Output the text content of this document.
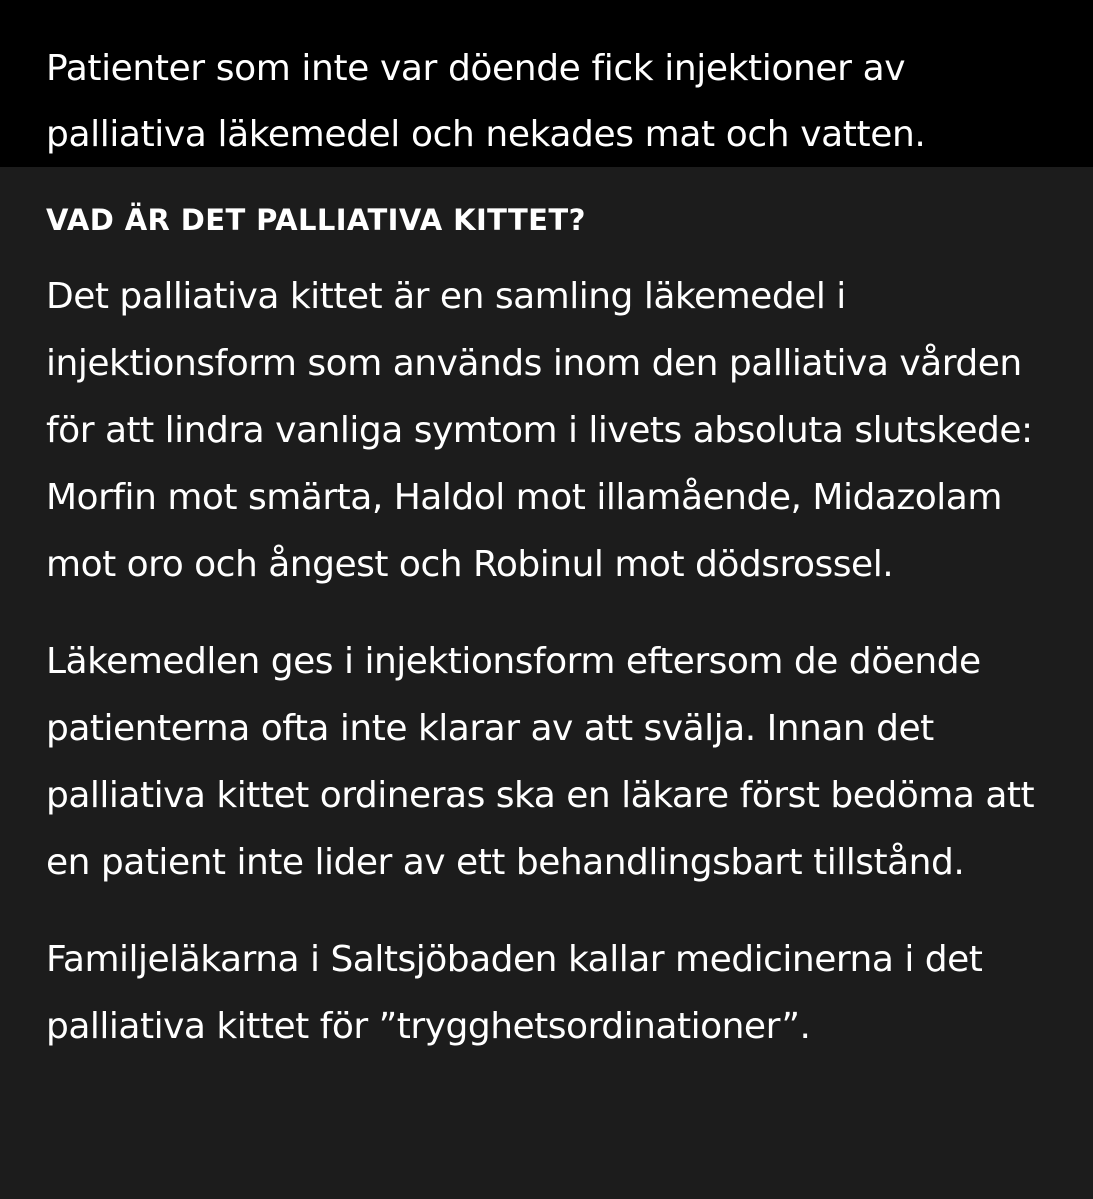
Patienter som inte var döende fick injektioner av palliativa läkemedel och nekades mat och vatten.

VAD ÄR DET PALLIATIVA KITTET?

Det palliativa kittet är en samling läkemedel i injektionsform som används inom den palliativa vården för att lindra vanliga symtom i livets absoluta slutskede: Morfin mot smärta, Haldol mot illamående, Midazolam mot oro och ångest och Robinul mot dödsrossel.

Läkemedlen ges i injektionsform eftersom de döende patienterna ofta inte klarar av att svälja. Innan det palliativa kittet ordineras ska en läkare först bedöma att en patient inte lider av ett behandlingsbart tillstånd.

Familjeläkarna i Saltsjöbaden kallar medicinerna i det palliativa kittet för ”trygghetsordinationer”.
